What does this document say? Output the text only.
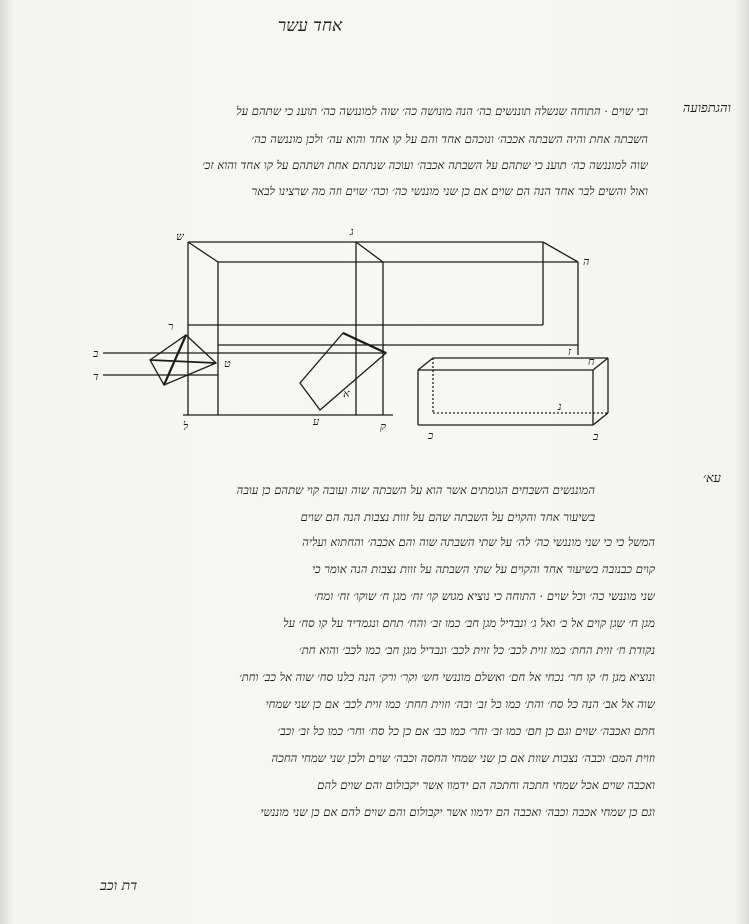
אחד עשר
והגתפועה
ובי שוים · התוחה שנשלה תוננשים כה׳ הנה מונושה כה׳ שוה למוננשה כה׳ תוענ כי שתהם על
השבתה אחת והיה השבתה אכבה׳ ונוכהם אחד והם על קו אחד והוא עה׳ ולכן מוננשה כה׳
שוה למוננשה כה׳ תוענ כי שתהם על השבתה אכבה׳ ועוכה שנתהם אחת ושתהם על קו אחד והוא זכ׳
ואול והשים לבר אחד הנה הם שוים אם כן שני מוננשי כה׳ וכה׳ שוים וזה מה שרצינו לבאר
ש	ג
ה
ר
ב
ד
ט
א
ז
ל	ע	ק
ח
נ
כ	ב
עא׳
המוננשים השבחים הגומתים אשר הוא על השבתה שוה ועובה קוי שתהם כן עובה
בשיעור אחד והקוים על השבתה שהם על זוות נצבות הנה הם שוים
המשל כי כי שני מוננשי כה׳ לה׳ על שתי השבתה שוה והם אכבה׳ והחתוא ועליה
קוים כבנובה בשיעור אחד והקוים על שתי השבתה על זוות נצבות הנה אומר כי
שני מוננשי כה׳ וכל שוים · התוחה כי נוציא מגוש קו׳ זח׳ מגן ח׳ שוקו׳ זח׳ ומח׳
מגן ח׳ שגן קוים אל ב׳ ואל ג׳ ונבדיל מגן חב׳ כמו זב׳ והח׳ תחם ונגמדיד על קו סח׳ על
נקודת ח׳ זוית החת׳ כמו זוית לכב׳ כל זוית לכב׳ ונבדיל מגן חב׳ כמו לכב׳ והוא חת׳
ונוציא מגן ח׳ קו חר׳ נכחי אל חם׳ ואשלם מוננשי חש׳ וקר׳ ורק׳ הנה כלנו סח׳ שוה אל כב׳ וחת׳
שוה אל אב׳ הנה כל סח׳ והת׳ כמו כל זב׳ ובה׳ וזוית חחת׳ כמו זוית לכב׳ אם כן שני שמחי
חתם ואכבה׳ שוים וגם כן חם׳ כמו זב׳ וחר׳ כמו כב׳ אם כן כל סח׳ וחר׳ כמו כל זב׳ וכב׳
וזוית המם׳ וכבה׳ נצבות שוות אם כן שני שמחי החסה וכבה׳ שוים ולכן שני שמחי החכה
ואכבה שוים אכל שמחי חתכה וחתכה הם ידמוו אשר יקבולום והם שוים להם
וגם כן שמחי אכבה וכבה׳ ואכבה הם ידמוו אשר יקבולום והם שוים להם אם כן שני מוננשי
דת וכב
